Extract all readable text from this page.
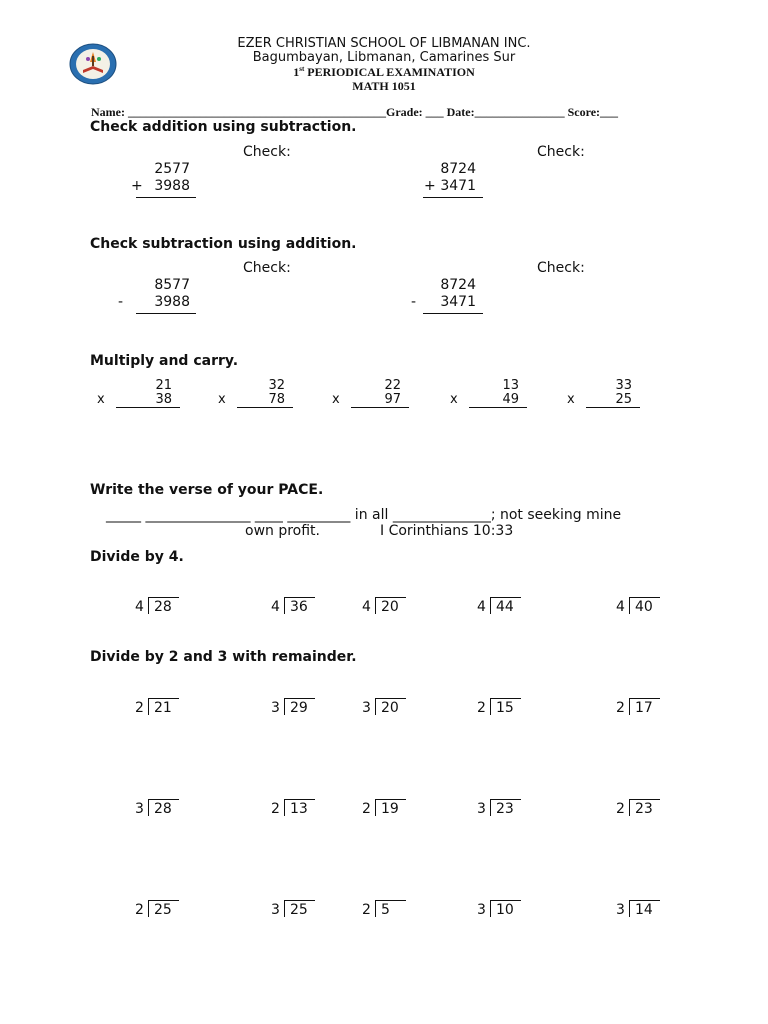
EZER CHRISTIAN SCHOOL OF LIBMANAN INC.
Bagumbayan, Libmanan, Camarines Sur
1st PERIODICAL EXAMINATION
MATH 1051
Name: ___________________________________________Grade: ___ Date:_______________ Score:___
Check addition using subtraction.
Check:	Check:
2577
+ 3988
8724
+ 3471
Check subtraction using addition.
Check:	Check:
8577
-	3988
8724
-	3471
Multiply and carry.
21
x	38
32
x	78
22
x	97
13
x	49
33
x	25
Write the verse of your PACE.
_____ _______________ ____ _________ in all ______________; not seeking mine
own profit.	I Corinthians 10:33
Divide by 4.
4 28	4 36	4 20	4 44	4 40
Divide by 2 and 3 with remainder.
2 21	3 29	3 20	2 15	2 17
3 28	2 13	2 19	3 23	2 23
2 25	3 25	2 5	3 10	3 14
